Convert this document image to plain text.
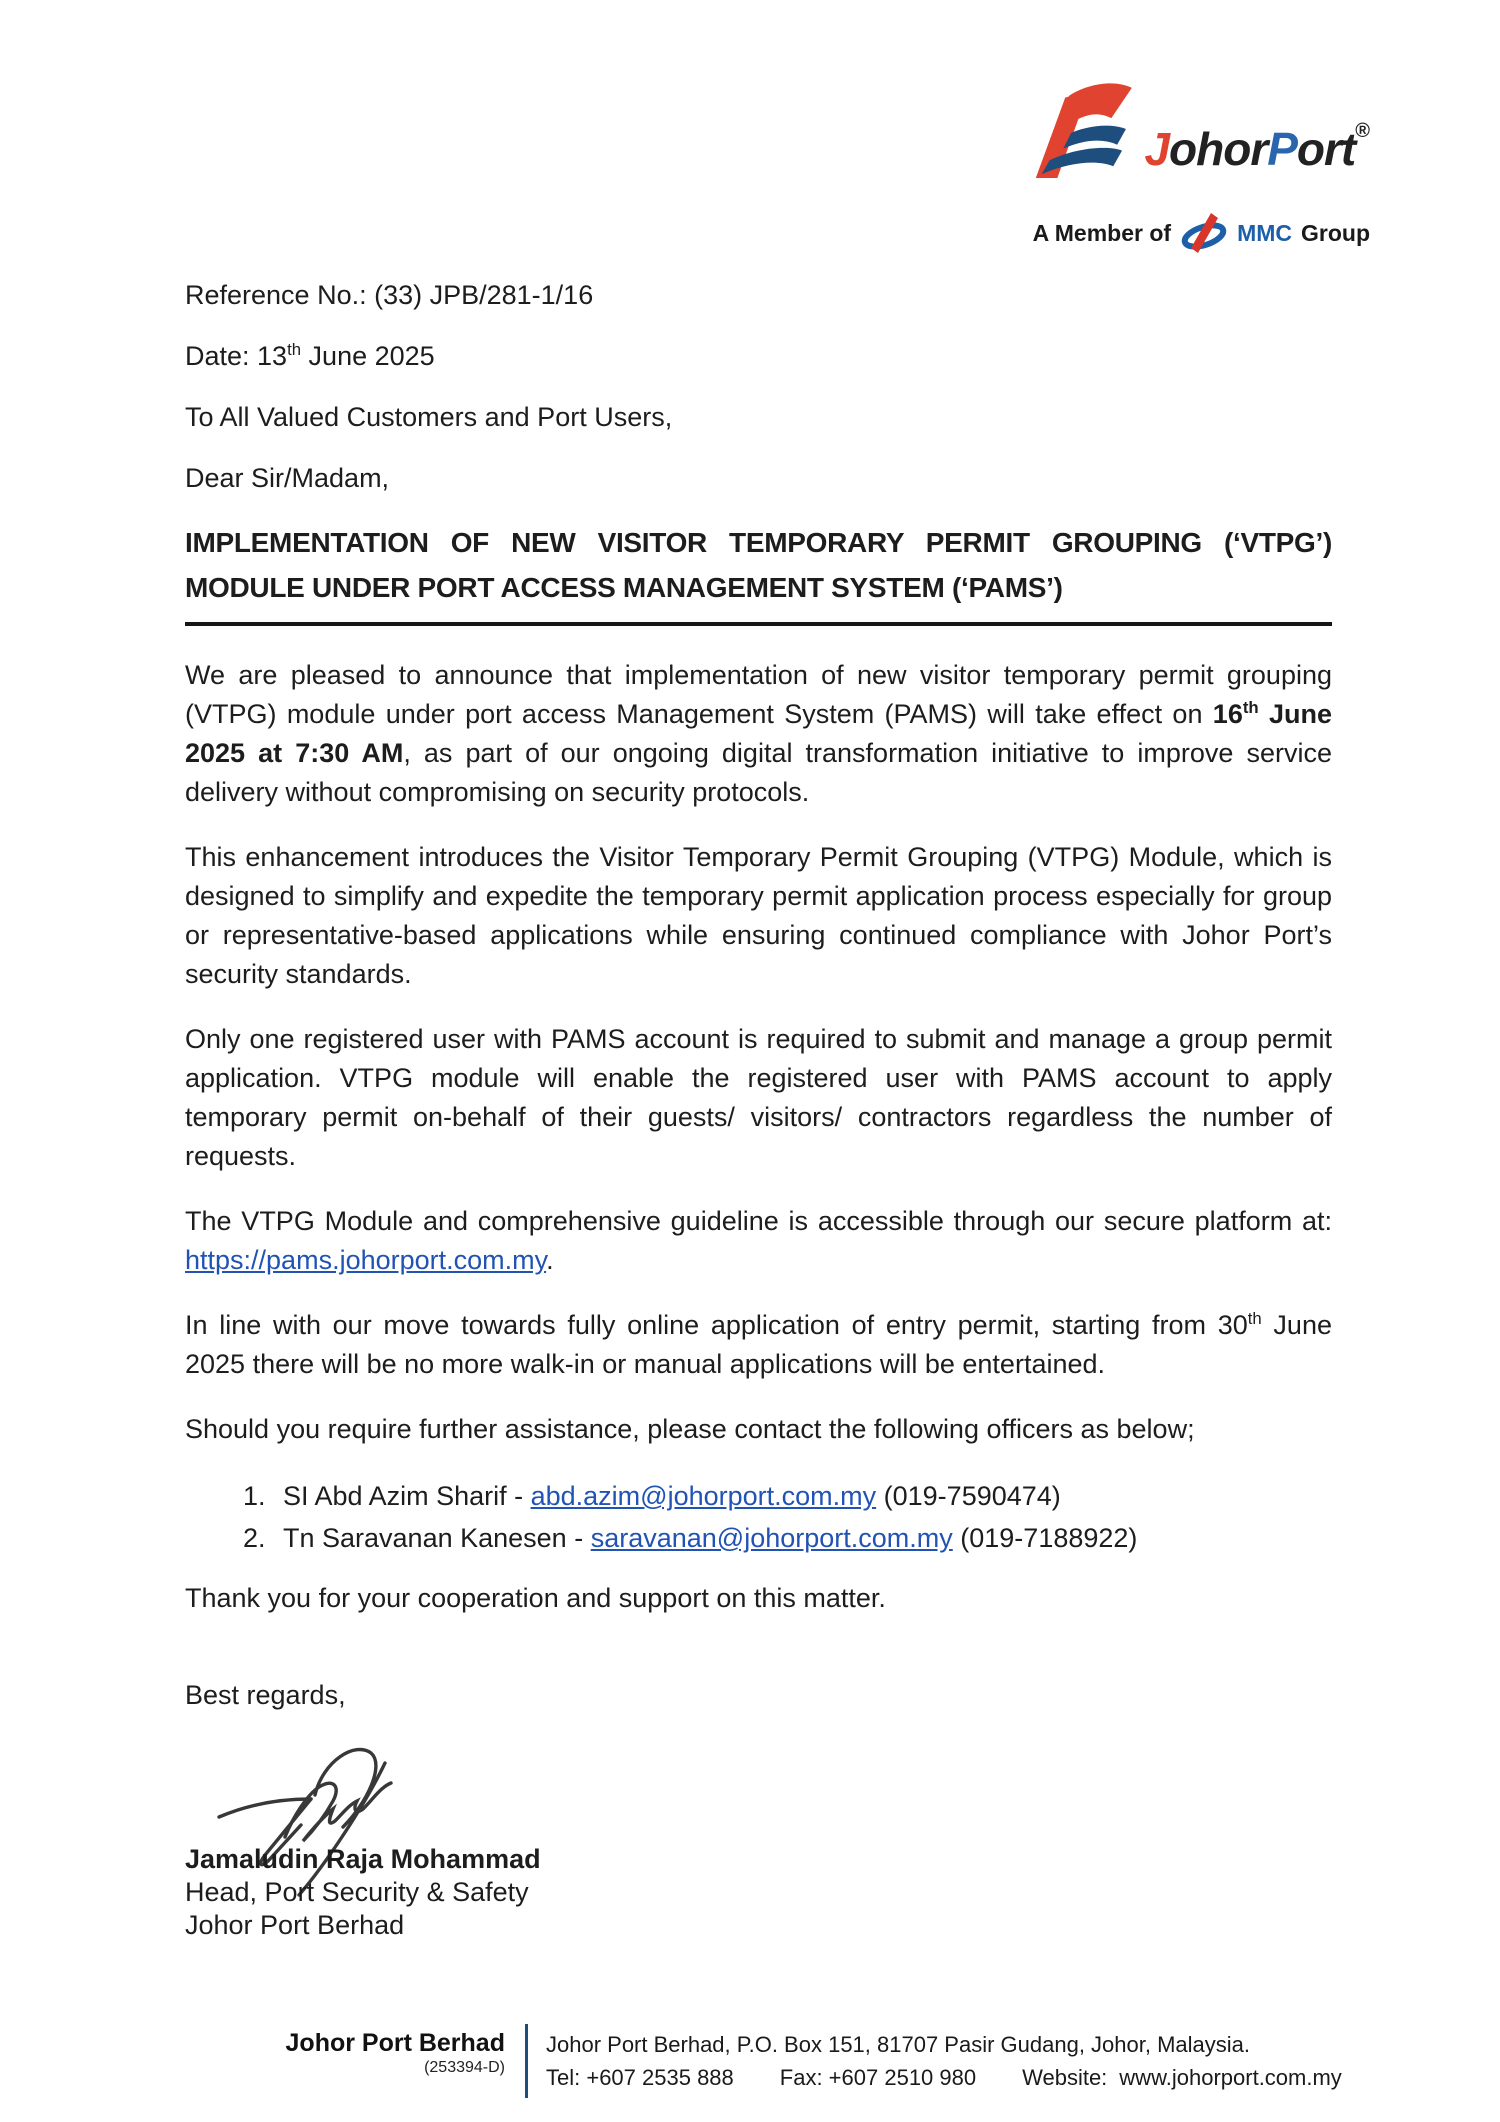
JohorPort®
A Member of	MMC Group

Reference No.: (33) JPB/281-1/16

Date: 13th June 2025

To All Valued Customers and Port Users,

Dear Sir/Madam,

IMPLEMENTATION OF NEW VISITOR TEMPORARY PERMIT GROUPING (‘VTPG’) MODULE UNDER PORT ACCESS MANAGEMENT SYSTEM (‘PAMS’)

We are pleased to announce that implementation of new visitor temporary permit grouping (VTPG) module under port access Management System (PAMS) will take effect on 16th June 2025 at 7:30 AM, as part of our ongoing digital transformation initiative to improve service delivery without compromising on security protocols.

This enhancement introduces the Visitor Temporary Permit Grouping (VTPG) Module, which is designed to simplify and expedite the temporary permit application process especially for group or representative-based applications while ensuring continued compliance with Johor Port’s security standards.

Only one registered user with PAMS account is required to submit and manage a group permit application. VTPG module will enable the registered user with PAMS account to apply temporary permit on-behalf of their guests/ visitors/ contractors regardless the number of requests.

The VTPG Module and comprehensive guideline is accessible through our secure platform at: https://pams.johorport.com.my.

In line with our move towards fully online application of entry permit, starting from 30th June 2025 there will be no more walk-in or manual applications will be entertained.

Should you require further assistance, please contact the following officers as below;

1. SI Abd Azim Sharif - abd.azim@johorport.com.my (019-7590474)
2. Tn Saravanan Kanesen - saravanan@johorport.com.my (019-7188922)

Thank you for your cooperation and support on this matter.

Best regards,

Jamaludin Raja Mohammad
Head, Port Security & Safety
Johor Port Berhad
Johor Port Berhad
(253394-D)
Johor Port Berhad, P.O. Box 151, 81707 Pasir Gudang, Johor, Malaysia.
Tel: +607 2535 888 Fax: +607 2510 980 Website: www.johorport.com.my
